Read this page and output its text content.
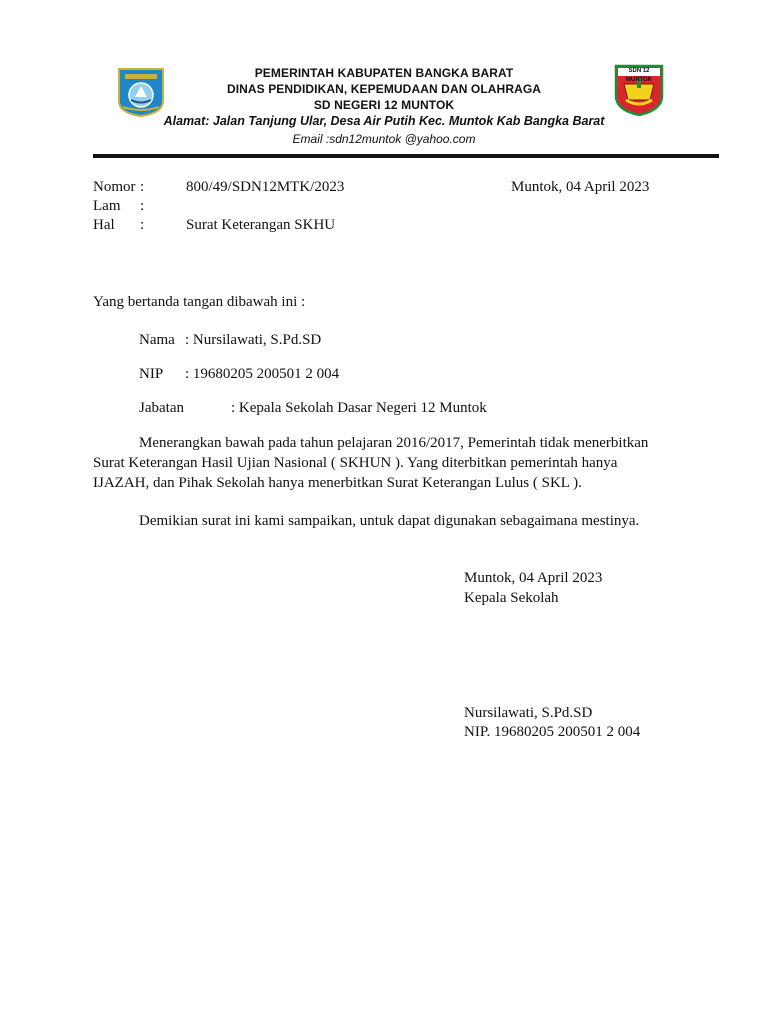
SDN 12 MUNTOK
PEMERINTAH KABUPATEN BANGKA BARAT
DINAS PENDIDIKAN, KEPEMUDAAN DAN OLAHRAGA
SD NEGERI 12 MUNTOK
Alamat: Jalan Tanjung Ular, Desa Air Putih Kec. Muntok Kab Bangka Barat
Email :sdn12muntok @yahoo.com
Nomor :	800/49/SDN12MTK/2023	Muntok, 04 April 2023
Lam :
Hal :	Surat Keterangan SKHU
Yang bertanda tangan dibawah ini :
Nama : Nursilawati, S.Pd.SD
NIP : 19680205 200501 2 004
Jabatan	: Kepala Sekolah Dasar Negeri 12 Muntok
Menerangkan bawah pada tahun pelajaran 2016/2017, Pemerintah tidak menerbitkan
Surat Keterangan Hasil Ujian Nasional ( SKHUN ). Yang diterbitkan pemerintah hanya
IJAZAH, dan Pihak Sekolah hanya menerbitkan Surat Keterangan Lulus ( SKL ).
Demikian surat ini kami sampaikan, untuk dapat digunakan sebagaimana mestinya.
Muntok, 04 April 2023
Kepala Sekolah
Nursilawati, S.Pd.SD
NIP. 19680205 200501 2 004
